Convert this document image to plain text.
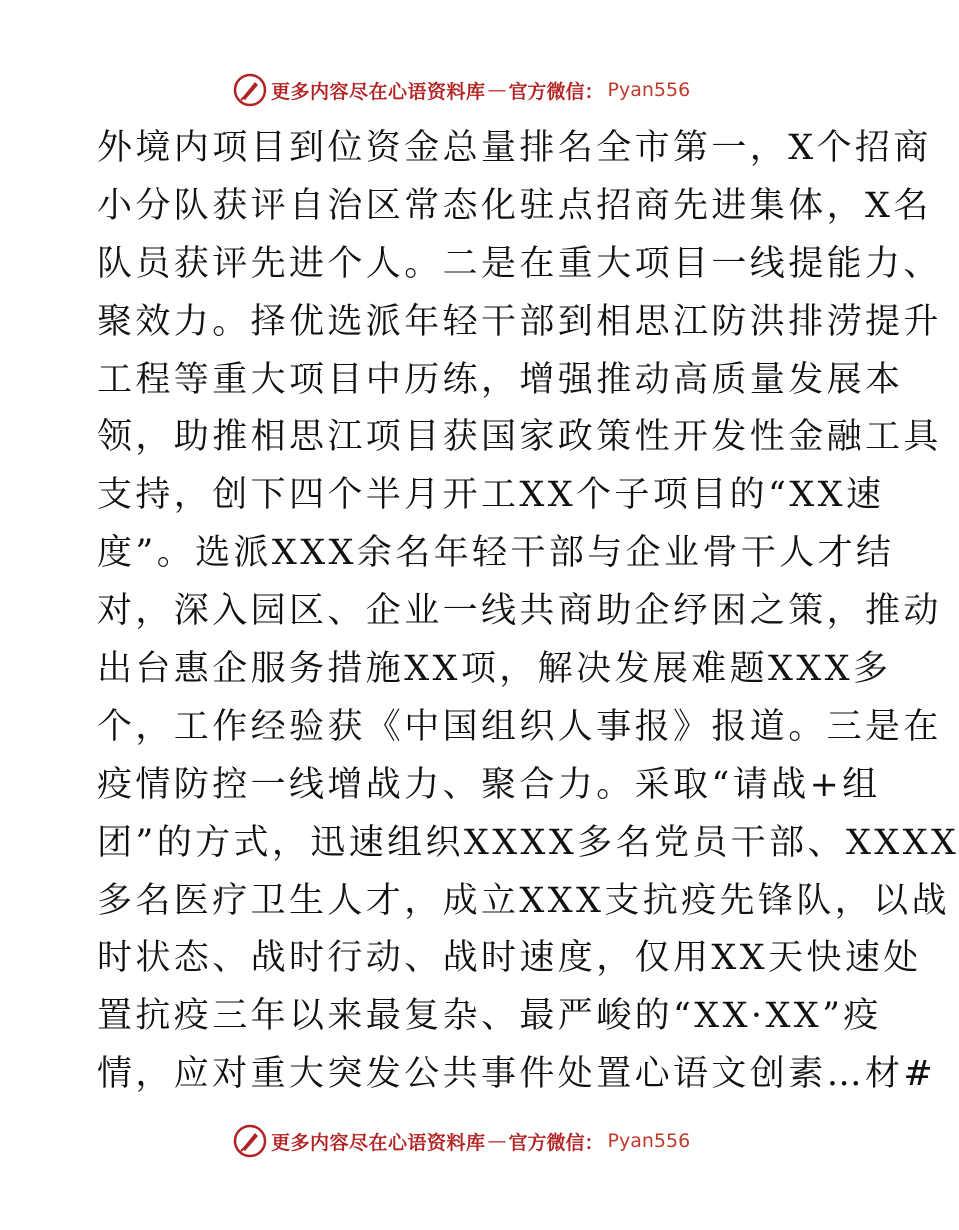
更多内容尽在心语资料库 — 官方微信： Pyan556
外境内项目到位资金总量排名全市第一，X个招商
小分队获评自治区常态化驻点招商先进集体，X名
队员获评先进个人。二是在重大项目一线提能力、
聚效力。择优选派年轻干部到相思江防洪排涝提升
工程等重大项目中历练，增强推动高质量发展本
领，助推相思江项目获国家政策性开发性金融工具
支持，创下四个半月开工XX个子项目的“XX速
度”。选派XXX余名年轻干部与企业骨干人才结
对，深入园区、企业一线共商助企纾困之策，推动
出台惠企服务措施XX项，解决发展难题XXX多
个，工作经验获《中国组织人事报》报道。三是在
疫情防控一线增战力、聚合力。采取“请战+组
团”的方式，迅速组织XXXX多名党员干部、XXXX
多名医疗卫生人才，成立XXX支抗疫先锋队，以战
时状态、战时行动、战时速度，仅用XX天快速处
置抗疫三年以来最复杂、最严峻的“XX·XX”疫
情，应对重大突发公共事件处置心语文创素…材#
更多内容尽在心语资料库 — 官方微信： Pyan556
